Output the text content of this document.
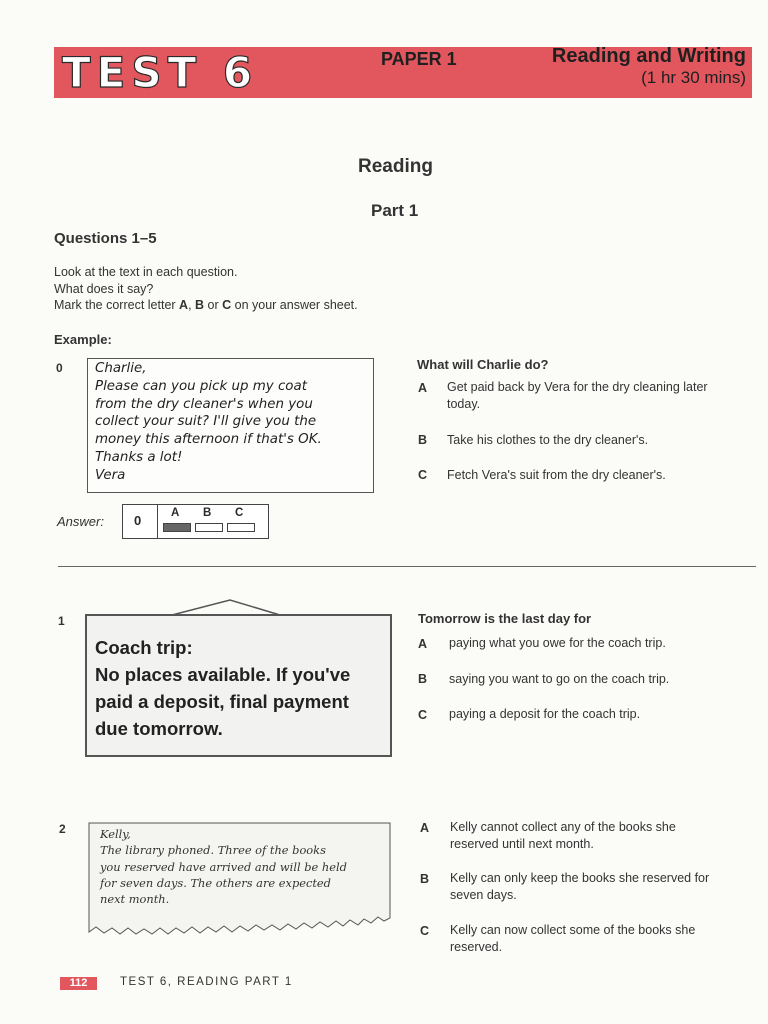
TEST 6	PAPER 1	Reading and Writing
(1 hr 30 mins)
Reading
Part 1
Questions 1–5
Look at the text in each question.
What does it say?
Mark the correct letter A, B or C on your answer sheet.
Example:
0 Charlie,
Please can you pick up my coat
from the dry cleaner's when you
collect your suit? I'll give you the
money this afternoon if that's OK.
Thanks a lot!
Vera
What will Charlie do?
A Get paid back by Vera for the dry cleaning later today.
B Take his clothes to the dry cleaner's.
C Fetch Vera's suit from the dry cleaner's.
Answer: 0	A B C
1
Coach trip:
No places available. If you've
paid a deposit, final payment
due tomorrow.
Tomorrow is the last day for
A paying what you owe for the coach trip.
B saying you want to go on the coach trip.
C paying a deposit for the coach trip.
2	Kelly,
The library phoned. Three of the books
you reserved have arrived and will be held
for seven days. The others are expected
next month.
A Kelly cannot collect any of the books she reserved until next month.
B Kelly can only keep the books she reserved for seven days.
C Kelly can now collect some of the books she reserved.
112	TEST 6, READING PART 1
